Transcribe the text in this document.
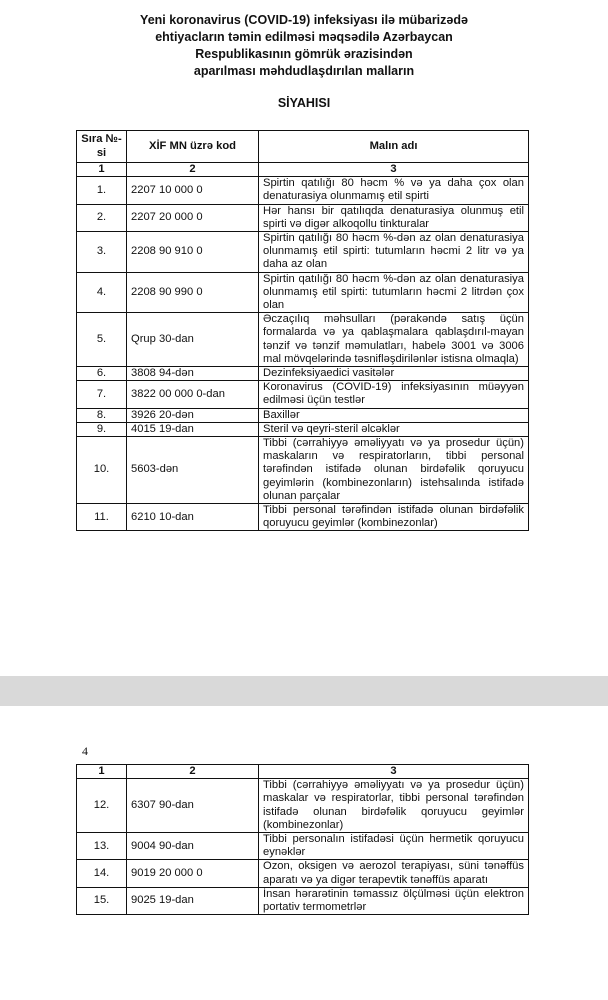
Yeni koronavirus (COVID-19) infeksiyası ilə mübarizədə
ehtiyacların təmin edilməsi məqsədilə Azərbaycan
Respublikasının gömrük ərazisindən
aparılması məhdudlaşdırılan malların
SİYAHISI
Sıra №-si	XİF MN üzrə kod	Malın adı
1	2	3
1.	2207 10 000 0	Spirtin qatılığı 80 həcm % və ya daha çox olan denaturasiya olunmamış etil spirti
2.	2207 20 000 0	Hər hansı bir qatılıqda denaturasiya olunmuş etil spirti və digər alkoqollu tinkturalar
3.	2208 90 910 0	Spirtin qatılığı 80 həcm %-dən az olan denaturasiya olunmamış etil spirti: tutumların həcmi 2 litr və ya daha az olan
4.	2208 90 990 0	Spirtin qatılığı 80 həcm %-dən az olan denaturasiya olunmamış etil spirti: tutumların həcmi 2 litrdən çox olan
5.	Qrup 30-dan	Əczaçılıq məhsulları (pərakəndə satış üçün formalarda və ya qablaşmalara qablaşdırıl-mayan tənzif və tənzif məmulatları, habelə 3001 və 3006 mal mövqelərində təsnifləşdirilənlər istisna olmaqla)
6.	3808 94-dən	Dezinfeksiyaedici vasitələr
7.	3822 00 000 0-dan	Koronavirus (COVID-19) infeksiyasının müəyyən edilməsi üçün testlər
8.	3926 20-dən	Baxillər
9.	4015 19-dan	Steril və qeyri-steril əlcəklər
10.	5603-dən	Tibbi (cərrahiyyə əməliyyatı və ya prosedur üçün) maskaların və respiratorların, tibbi personal tərəfindən istifadə olunan birdəfəlik qoruyucu geyimlərin (kombinezonların) istehsalında istifadə olunan parçalar
11.	6210 10-dan	Tibbi personal tərəfindən istifadə olunan birdəfəlik qoruyucu geyimlər (kombinezonlar)
4
1	2	3
12.	6307 90-dan	Tibbi (cərrahiyyə əməliyyatı və ya prosedur üçün) maskalar və respiratorlar, tibbi personal tərəfindən istifadə olunan birdəfəlik qoruyucu geyimlər (kombinezonlar)
13.	9004 90-dan	Tibbi personalın istifadəsi üçün hermetik qoruyucu eynəklər
14.	9019 20 000 0	Ozon, oksigen və aerozol terapiyası, süni tənəffüs aparatı və ya digər terapevtik tənəffüs aparatı
15.	9025 19-dan	İnsan hərarətinin təmassız ölçülməsi üçün elektron portativ termometrlər
